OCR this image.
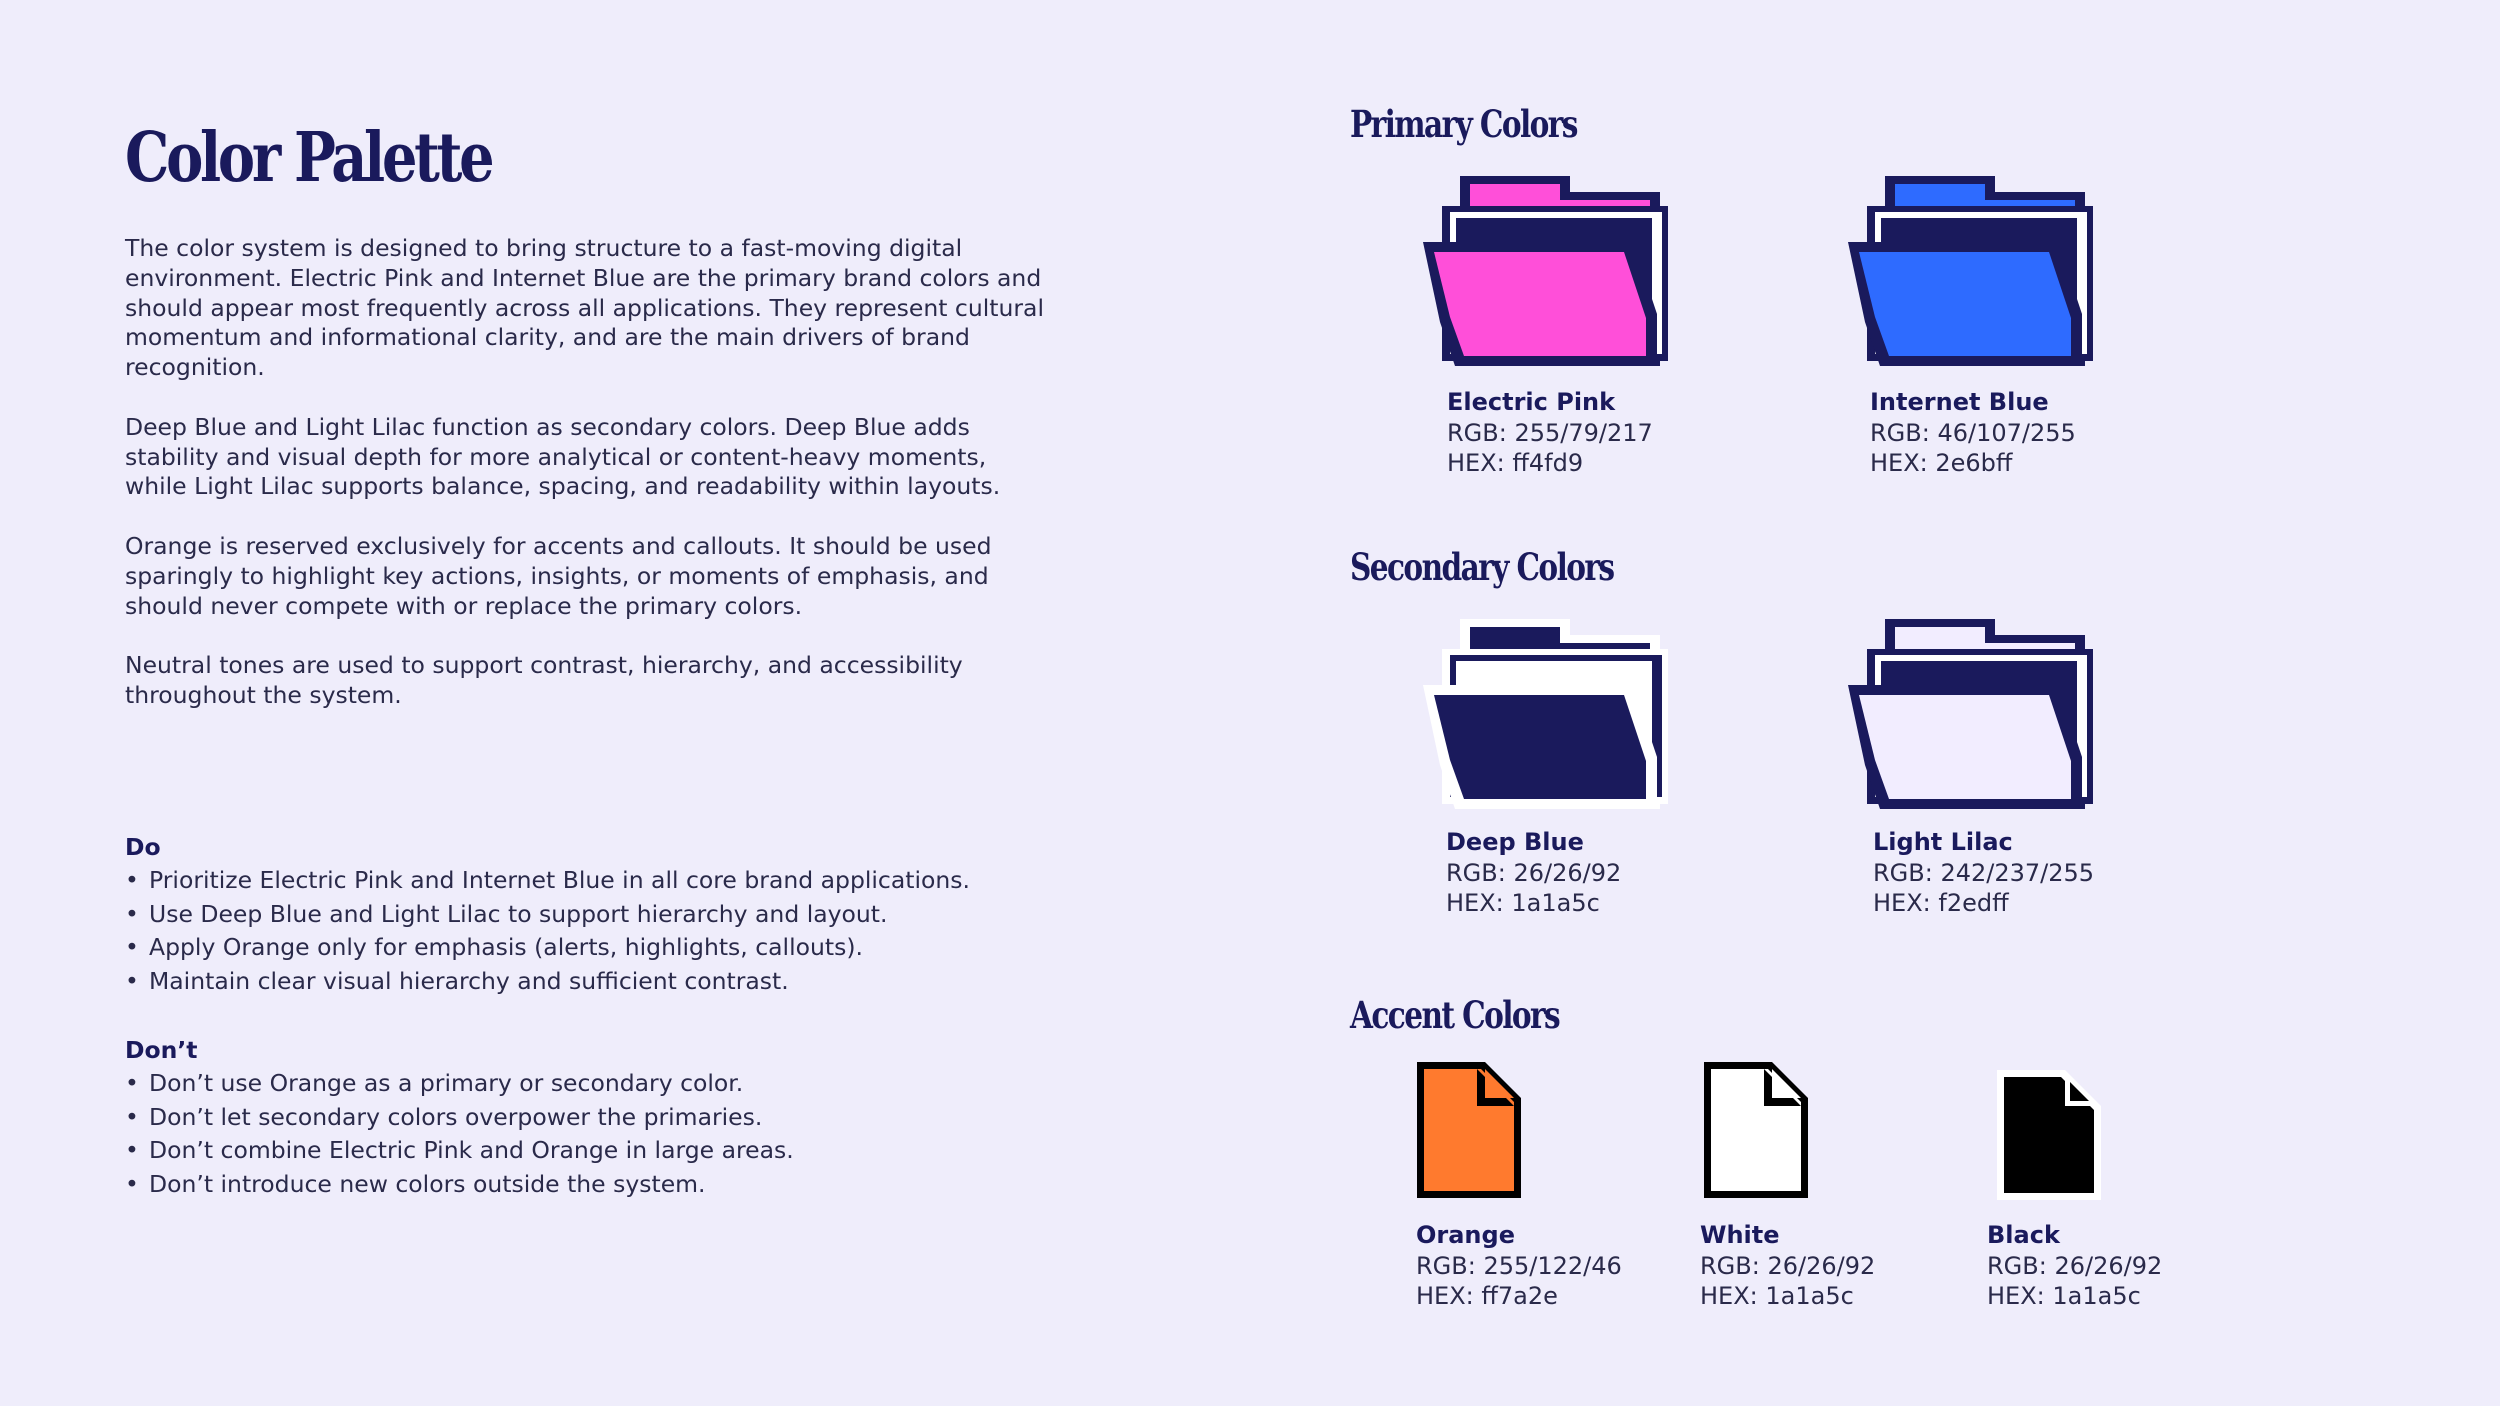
Color Palette

The color system is designed to bring structure to a fast-moving digital environment. Electric Pink and Internet Blue are the primary brand colors and should appear most frequently across all applications. They represent cultural momentum and informational clarity, and are the main drivers of brand recognition.

Deep Blue and Light Lilac function as secondary colors. Deep Blue adds stability and visual depth for more analytical or content-heavy moments, while Light Lilac supports balance, spacing, and readability within layouts.

Orange is reserved exclusively for accents and callouts. It should be used sparingly to highlight key actions, insights, or moments of emphasis, and should never compete with or replace the primary colors.

Neutral tones are used to support contrast, hierarchy, and accessibility throughout the system.

Do
• Prioritize Electric Pink and Internet Blue in all core brand applications.
• Use Deep Blue and Light Lilac to support hierarchy and layout.
• Apply Orange only for emphasis (alerts, highlights, callouts).
• Maintain clear visual hierarchy and sufficient contrast.
Don’t
• Don’t use Orange as a primary or secondary color.
• Don’t let secondary colors overpower the primaries.
• Don’t combine Electric Pink and Orange in large areas.
• Don’t introduce new colors outside the system.
Primary Colors
Secondary Colors
Accent Colors
Electric Pink
RGB: 255/79/217
HEX: ff4fd9
Internet Blue
RGB: 46/107/255
HEX: 2e6bff
Deep Blue
RGB: 26/26/92
HEX: 1a1a5c
Light Lilac
RGB: 242/237/255
HEX: f2edff
Orange
RGB: 255/122/46
HEX: ff7a2e
White
RGB: 26/26/92
HEX: 1a1a5c
Black
RGB: 26/26/92
HEX: 1a1a5c
